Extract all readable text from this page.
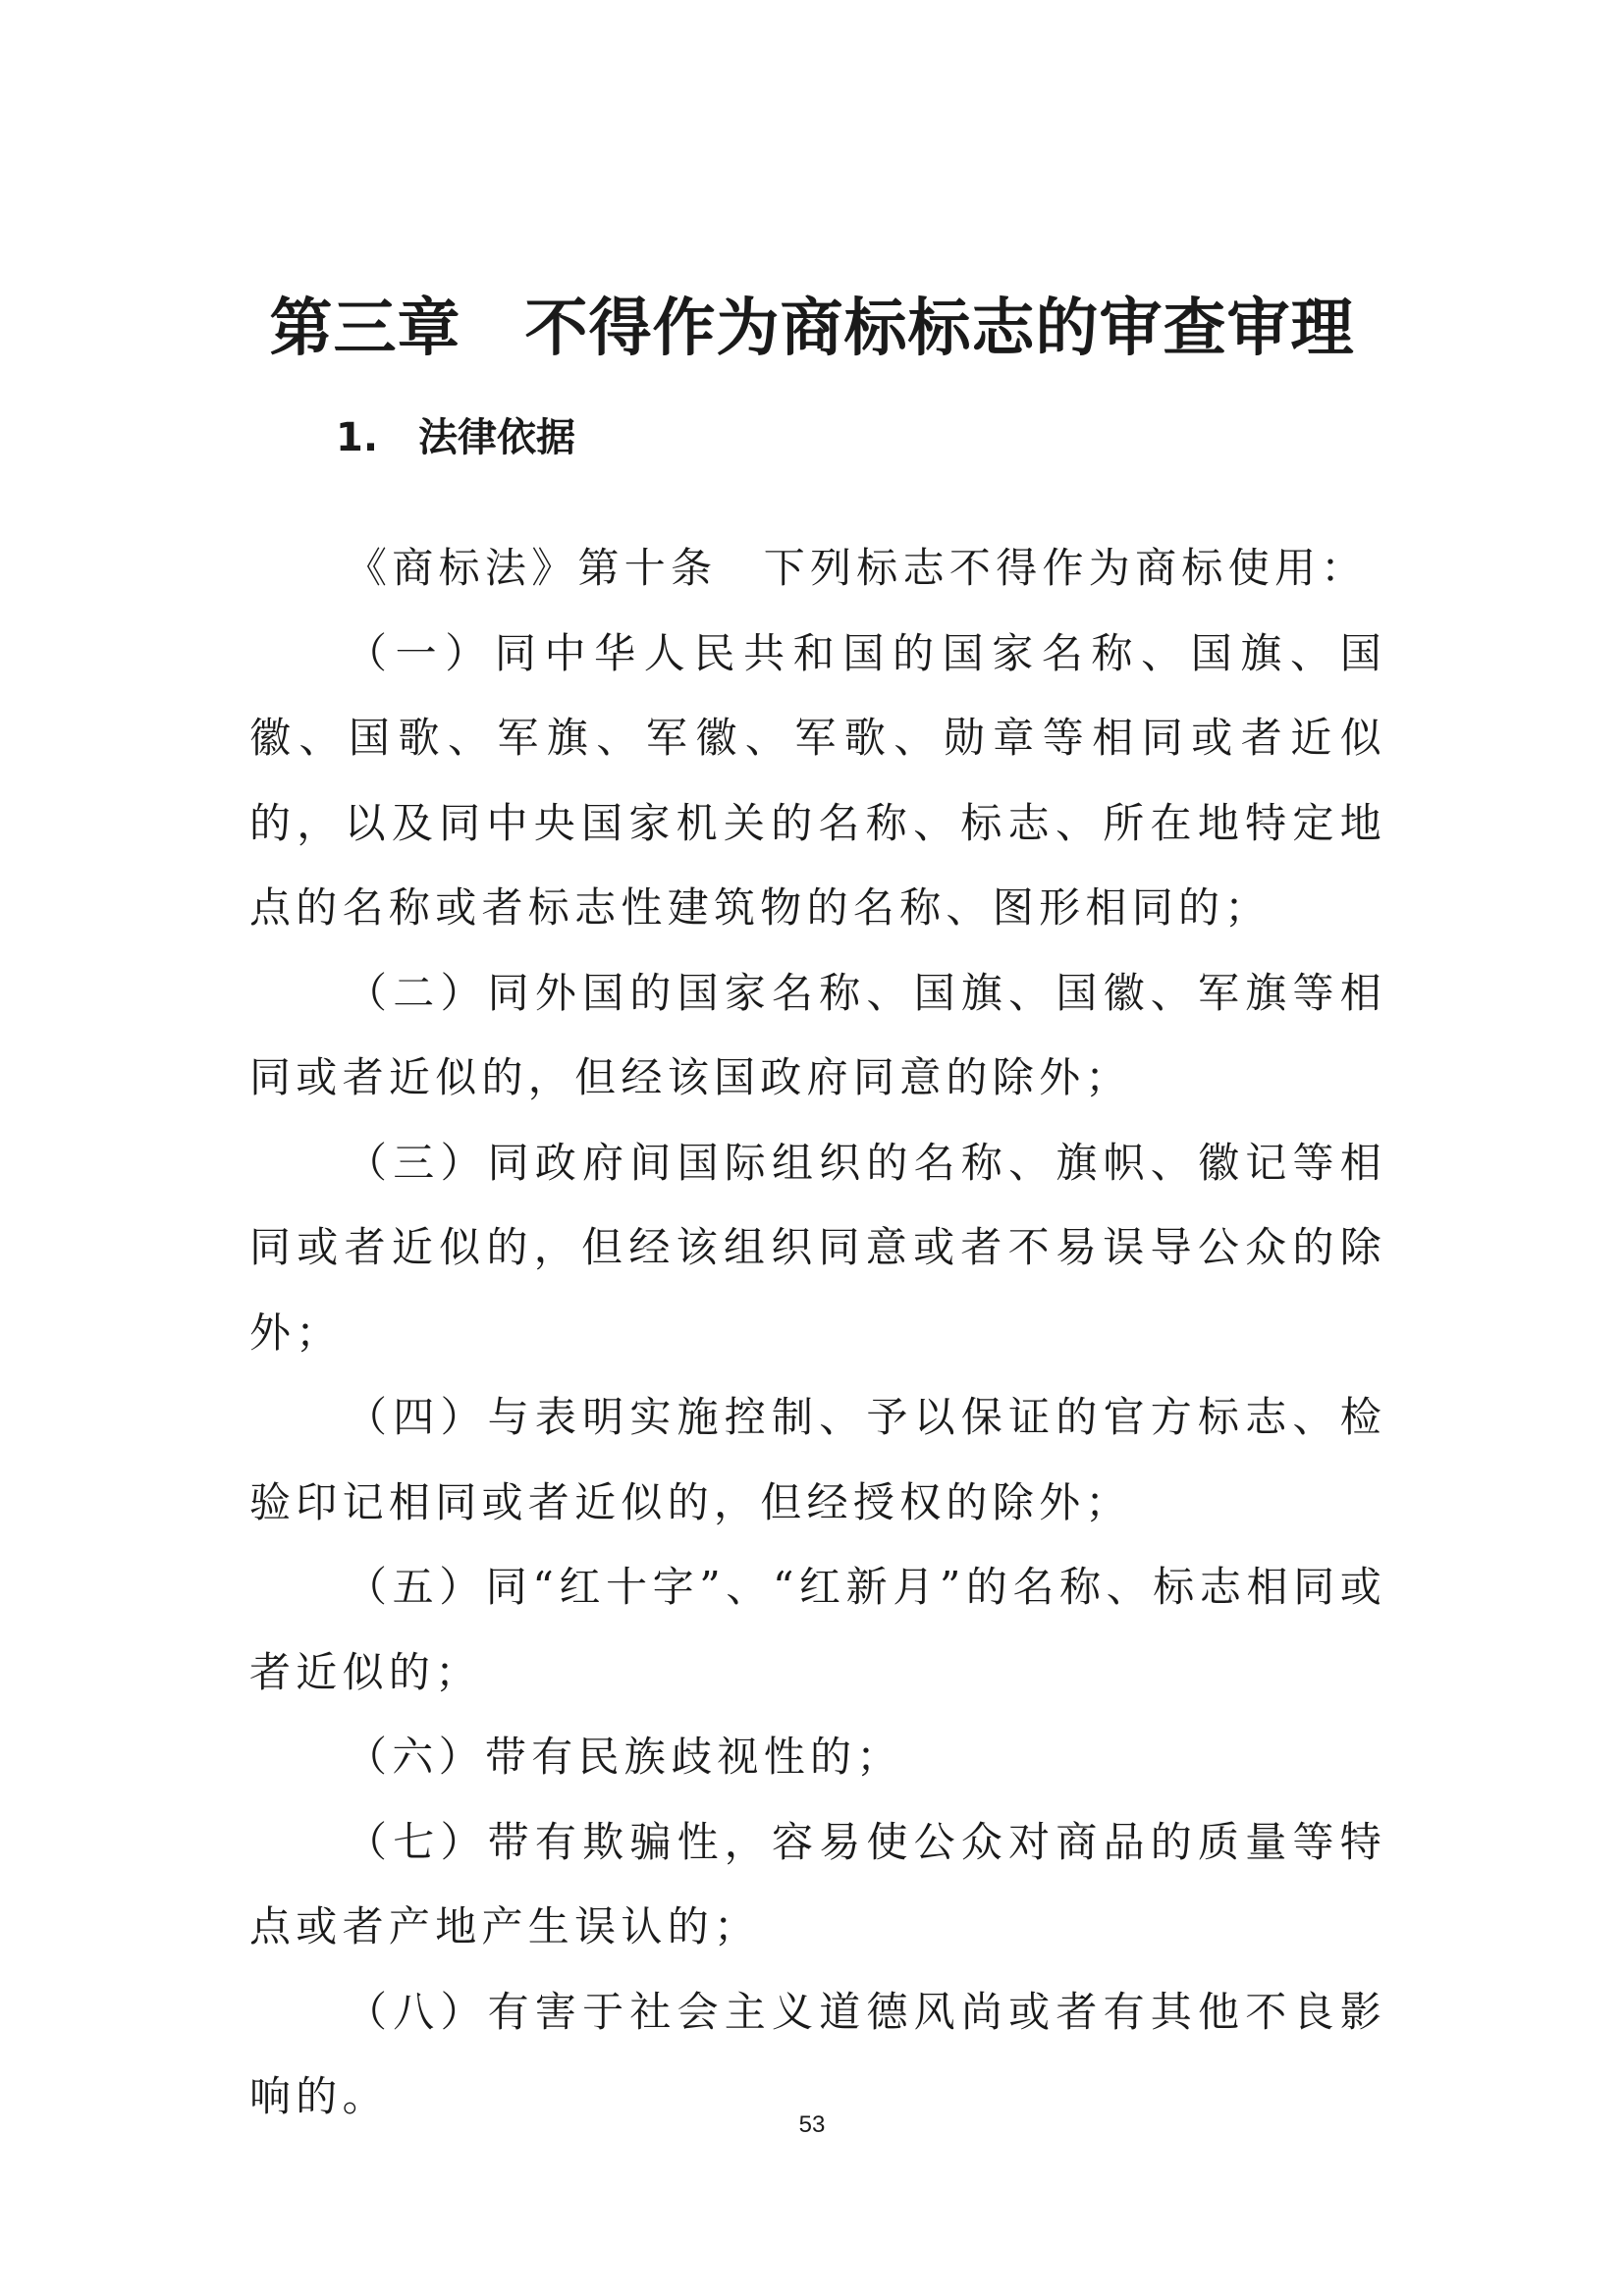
第三章　不得作为商标标志的审查审理
1. 法律依据

《商标法》第十条　下列标志不得作为商标使用：

（一）同中华人民共和国的国家名称、国旗、国徽、国歌、军旗、军徽、军歌、勋章等相同或者近似的，以及同中央国家机关的名称、标志、所在地特定地点的名称或者标志性建筑物的名称、图形相同的；

（二）同外国的国家名称、国旗、国徽、军旗等相同或者近似的，但经该国政府同意的除外；

（三）同政府间国际组织的名称、旗帜、徽记等相同或者近似的，但经该组织同意或者不易误导公众的除外；

（四）与表明实施控制、予以保证的官方标志、检验印记相同或者近似的，但经授权的除外；

（五）同“红十字”、“红新月”的名称、标志相同或者近似的；

（六）带有民族歧视性的；

（七）带有欺骗性，容易使公众对商品的质量等特点或者产地产生误认的；

（八）有害于社会主义道德风尚或者有其他不良影响的。

53
